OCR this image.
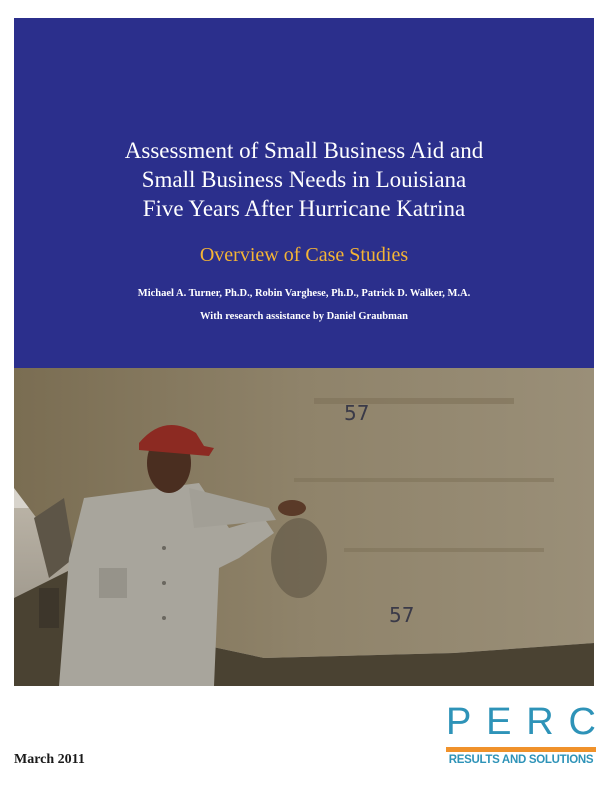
Assessment of Small Business Aid and
Small Business Needs in Louisiana
Five Years After Hurricane Katrina
Overview of Case Studies
Michael A. Turner, Ph.D., Robin Varghese, Ph.D., Patrick D. Walker, M.A.
With research assistance by Daniel Graubman
57
57
March 2011
P E R C
RESULTS AND SOLUTIONS
